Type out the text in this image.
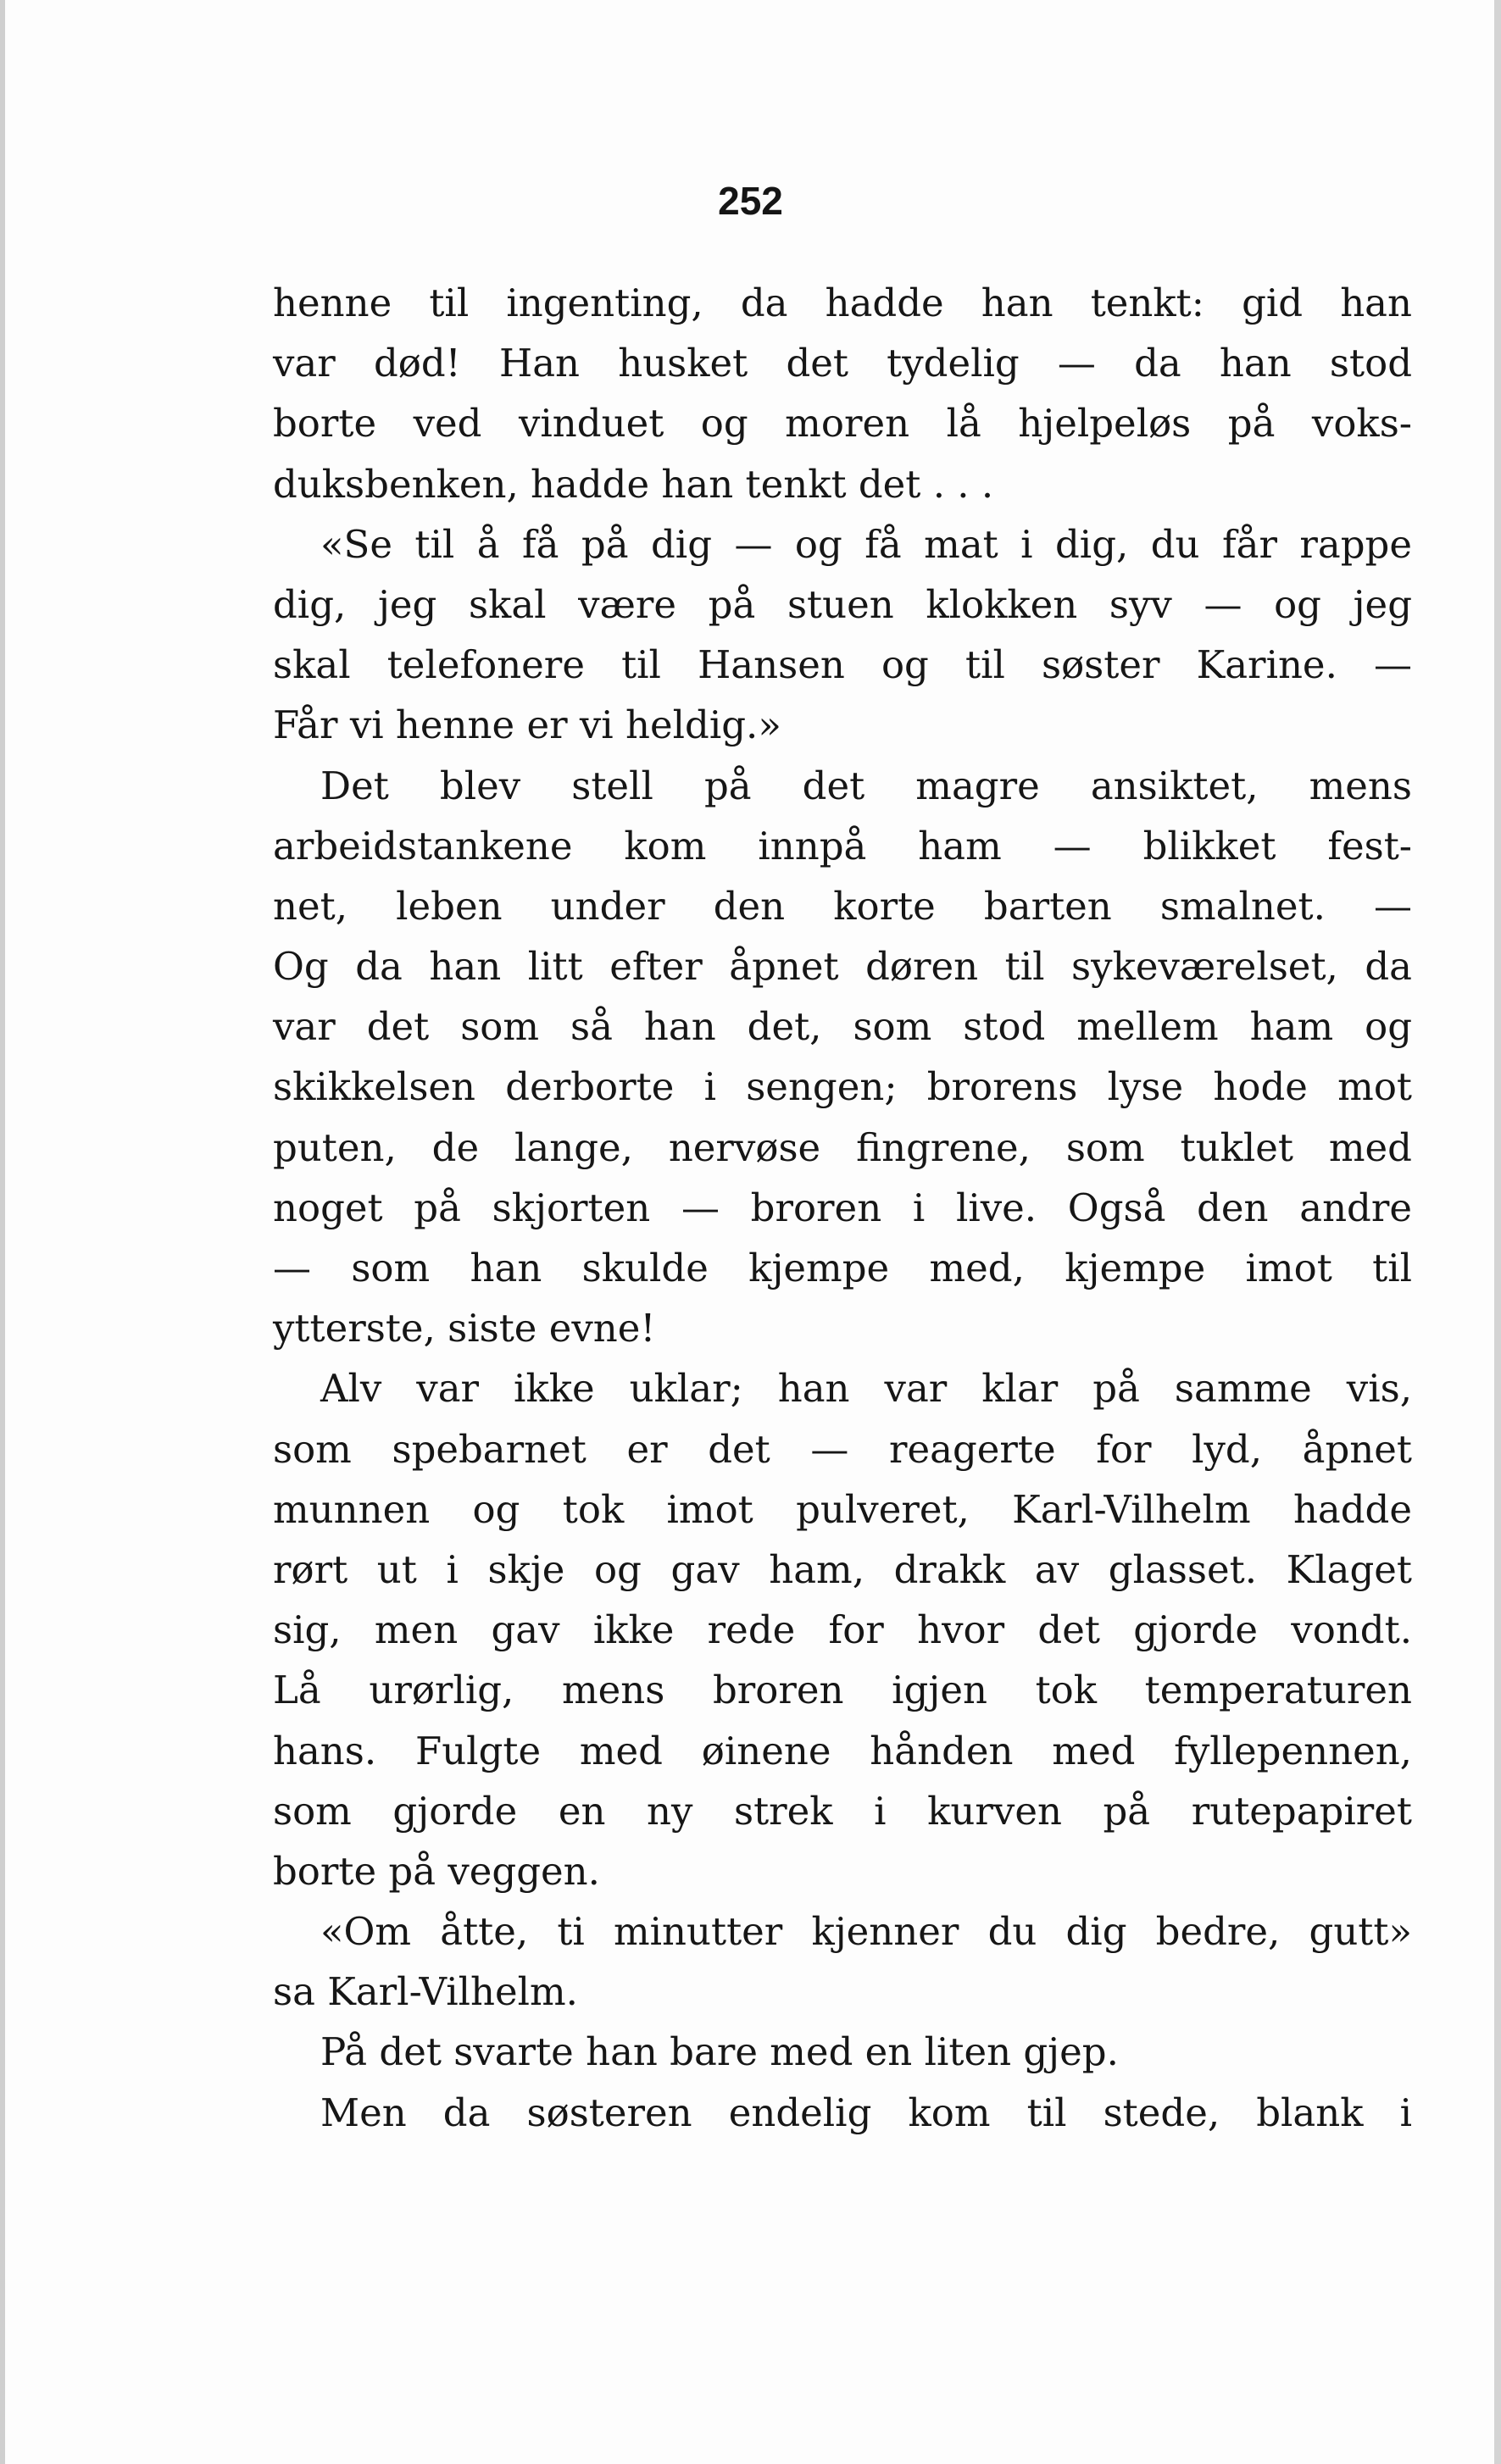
252
henne til ingenting, da hadde han tenkt: gid han
var død! Han husket det tydelig — da han stod
borte ved vinduet og moren lå hjelpeløs på voks-
duksbenken, hadde han tenkt det . . .
«Se til å få på dig — og få mat i dig, du får rappe
dig, jeg skal være på stuen klokken syv — og jeg
skal telefonere til Hansen og til søster Karine. —
Får vi henne er vi heldig.»
Det blev stell på det magre ansiktet, mens
arbeidstankene kom innpå ham — blikket fest-
net, leben under den korte barten smalnet. —
Og da han litt efter åpnet døren til sykeværelset, da
var det som så han det, som stod mellem ham og
skikkelsen derborte i sengen; brorens lyse hode mot
puten, de lange, nervøse fingrene, som tuklet med
noget på skjorten — broren i live. Også den andre
— som han skulde kjempe med, kjempe imot til
ytterste, siste evne!
Alv var ikke uklar; han var klar på samme vis,
som spebarnet er det — reagerte for lyd, åpnet
munnen og tok imot pulveret, Karl-Vilhelm hadde
rørt ut i skje og gav ham, drakk av glasset. Klaget
sig, men gav ikke rede for hvor det gjorde vondt.
Lå urørlig, mens broren igjen tok temperaturen
hans. Fulgte med øinene hånden med fyllepennen,
som gjorde en ny strek i kurven på rutepapiret
borte på veggen.
«Om åtte, ti minutter kjenner du dig bedre, gutt»
sa Karl-Vilhelm.
På det svarte han bare med en liten gjep.
Men da søsteren endelig kom til stede, blank i
